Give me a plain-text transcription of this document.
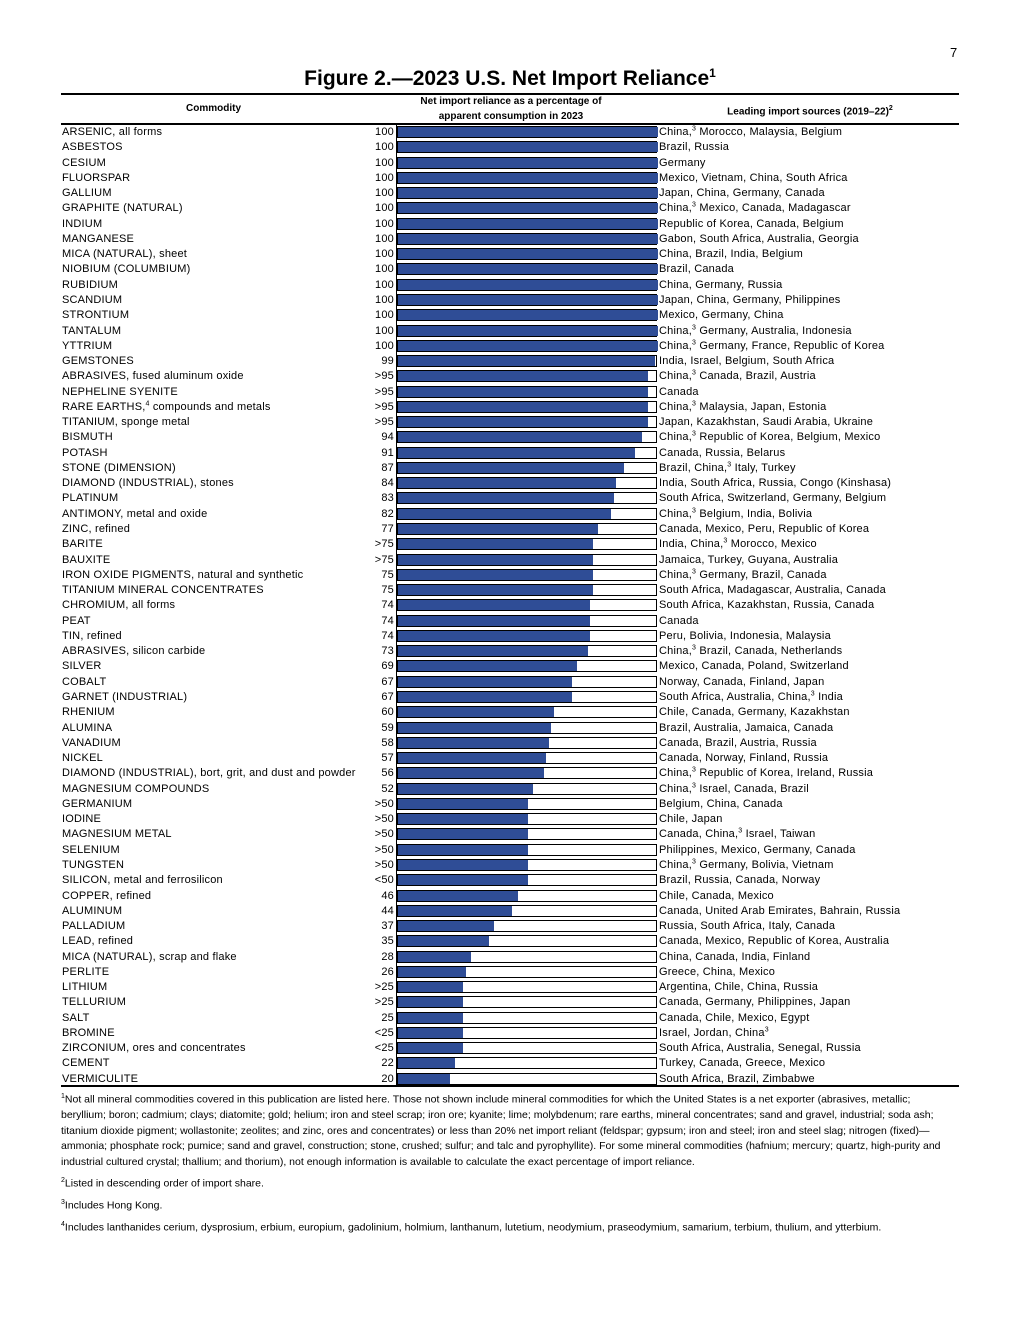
7
Figure 2.—2023 U.S. Net Import Reliance$^1$
Commodity
Net import reliance as a percentage of
apparent consumption in 2023	Leading import sources (2019–22)$^2$
ARSENIC, all forms	100	China,$^3$ Morocco, Malaysia, Belgium
ASBESTOS	100	Brazil, Russia
CESIUM	100	Germany
FLUORSPAR	100	Mexico, Vietnam, China, South Africa
GALLIUM	100	Japan, China, Germany, Canada
GRAPHITE (NATURAL)	100	China,$^3$ Mexico, Canada, Madagascar
INDIUM	100	Republic of Korea, Canada, Belgium
MANGANESE	100	Gabon, South Africa, Australia, Georgia
MICA (NATURAL), sheet	100	China, Brazil, India, Belgium
NIOBIUM (COLUMBIUM)	100	Brazil, Canada
RUBIDIUM	100	China, Germany, Russia
SCANDIUM	100	Japan, China, Germany, Philippines
STRONTIUM	100	Mexico, Germany, China
TANTALUM	100	China,$^3$ Germany, Australia, Indonesia
YTTRIUM	100	China,$^3$ Germany, France, Republic of Korea
GEMSTONES	99	India, Israel, Belgium, South Africa
ABRASIVES, fused aluminum oxide	>95	China,$^3$ Canada, Brazil, Austria
NEPHELINE SYENITE	>95	Canada
RARE EARTHS,$^4$ compounds and metals	>95	China,$^3$ Malaysia, Japan, Estonia
TITANIUM, sponge metal	>95	Japan, Kazakhstan, Saudi Arabia, Ukraine
BISMUTH	94	China,$^3$ Republic of Korea, Belgium, Mexico
POTASH	91	Canada, Russia, Belarus
STONE (DIMENSION)	87	Brazil, China,$^3$ Italy, Turkey
DIAMOND (INDUSTRIAL), stones	84	India, South Africa, Russia, Congo (Kinshasa)
PLATINUM	83	South Africa, Switzerland, Germany, Belgium
ANTIMONY, metal and oxide	82	China,$^3$ Belgium, India, Bolivia
ZINC, refined	77	Canada, Mexico, Peru, Republic of Korea
BARITE	>75	India, China,$^3$ Morocco, Mexico
BAUXITE	>75	Jamaica, Turkey, Guyana, Australia
IRON OXIDE PIGMENTS, natural and synthetic	75	China,$^3$ Germany, Brazil, Canada
TITANIUM MINERAL CONCENTRATES	75	South Africa, Madagascar, Australia, Canada
CHROMIUM, all forms	74	South Africa, Kazakhstan, Russia, Canada
PEAT	74	Canada
TIN, refined	74	Peru, Bolivia, Indonesia, Malaysia
ABRASIVES, silicon carbide	73	China,$^3$ Brazil, Canada, Netherlands
SILVER	69	Mexico, Canada, Poland, Switzerland
COBALT	67	Norway, Canada, Finland, Japan
GARNET (INDUSTRIAL)	67	South Africa, Australia, China,$^3$ India
RHENIUM	60	Chile, Canada, Germany, Kazakhstan
ALUMINA	59	Brazil, Australia, Jamaica, Canada
VANADIUM	58	Canada, Brazil, Austria, Russia
NICKEL	57	Canada, Norway, Finland, Russia
DIAMOND (INDUSTRIAL), bort, grit, and dust and powder	56	China,$^3$ Republic of Korea, Ireland, Russia
MAGNESIUM COMPOUNDS	52	China,$^3$ Israel, Canada, Brazil
GERMANIUM	>50	Belgium, China, Canada
IODINE	>50	Chile, Japan
MAGNESIUM METAL	>50	Canada, China,$^3$ Israel, Taiwan
SELENIUM	>50	Philippines, Mexico, Germany, Canada
TUNGSTEN	>50	China,$^3$ Germany, Bolivia, Vietnam
SILICON, metal and ferrosilicon	<50	Brazil, Russia, Canada, Norway
COPPER, refined	46	Chile, Canada, Mexico
ALUMINUM	44	Canada, United Arab Emirates, Bahrain, Russia
PALLADIUM	37	Russia, South Africa, Italy, Canada
LEAD, refined	35	Canada, Mexico, Republic of Korea, Australia
MICA (NATURAL), scrap and flake	28	China, Canada, India, Finland
PERLITE	26	Greece, China, Mexico
LITHIUM	>25	Argentina, Chile, China, Russia
TELLURIUM	>25	Canada, Germany, Philippines, Japan
SALT	25	Canada, Chile, Mexico, Egypt
BROMINE	<25	Israel, Jordan, China$^3$
ZIRCONIUM, ores and concentrates	<25	South Africa, Australia, Senegal, Russia
CEMENT	22	Turkey, Canada, Greece, Mexico
VERMICULITE	20	South Africa, Brazil, Zimbabwe

$^1$Not all mineral commodities covered in this publication are listed here. Those not shown include mineral commodities for which the United States is a net exporter (abrasives, metallic; beryllium; boron; cadmium; clays; diatomite; gold; helium; iron and steel scrap; iron ore; kyanite; lime; molybdenum; rare earths, mineral concentrates; sand and gravel, industrial; soda ash; titanium dioxide pigment; wollastonite; zeolites; and zinc, ores and concentrates) or less than 20% net import reliant (feldspar; gypsum; iron and steel; iron and steel slag; nitrogen (fixed)—ammonia; phosphate rock; pumice; sand and gravel, construction; stone, crushed; sulfur; and talc and pyrophyllite). For some mineral commodities (hafnium; mercury; quartz, high-purity and industrial cultured crystal; thallium; and thorium), not enough information is available to calculate the exact percentage of import reliance.

$^2$Listed in descending order of import share.

$^3$Includes Hong Kong.

$^4$Includes lanthanides cerium, dysprosium, erbium, europium, gadolinium, holmium, lanthanum, lutetium, neodymium, praseodymium, samarium, terbium, thulium, and ytterbium.
